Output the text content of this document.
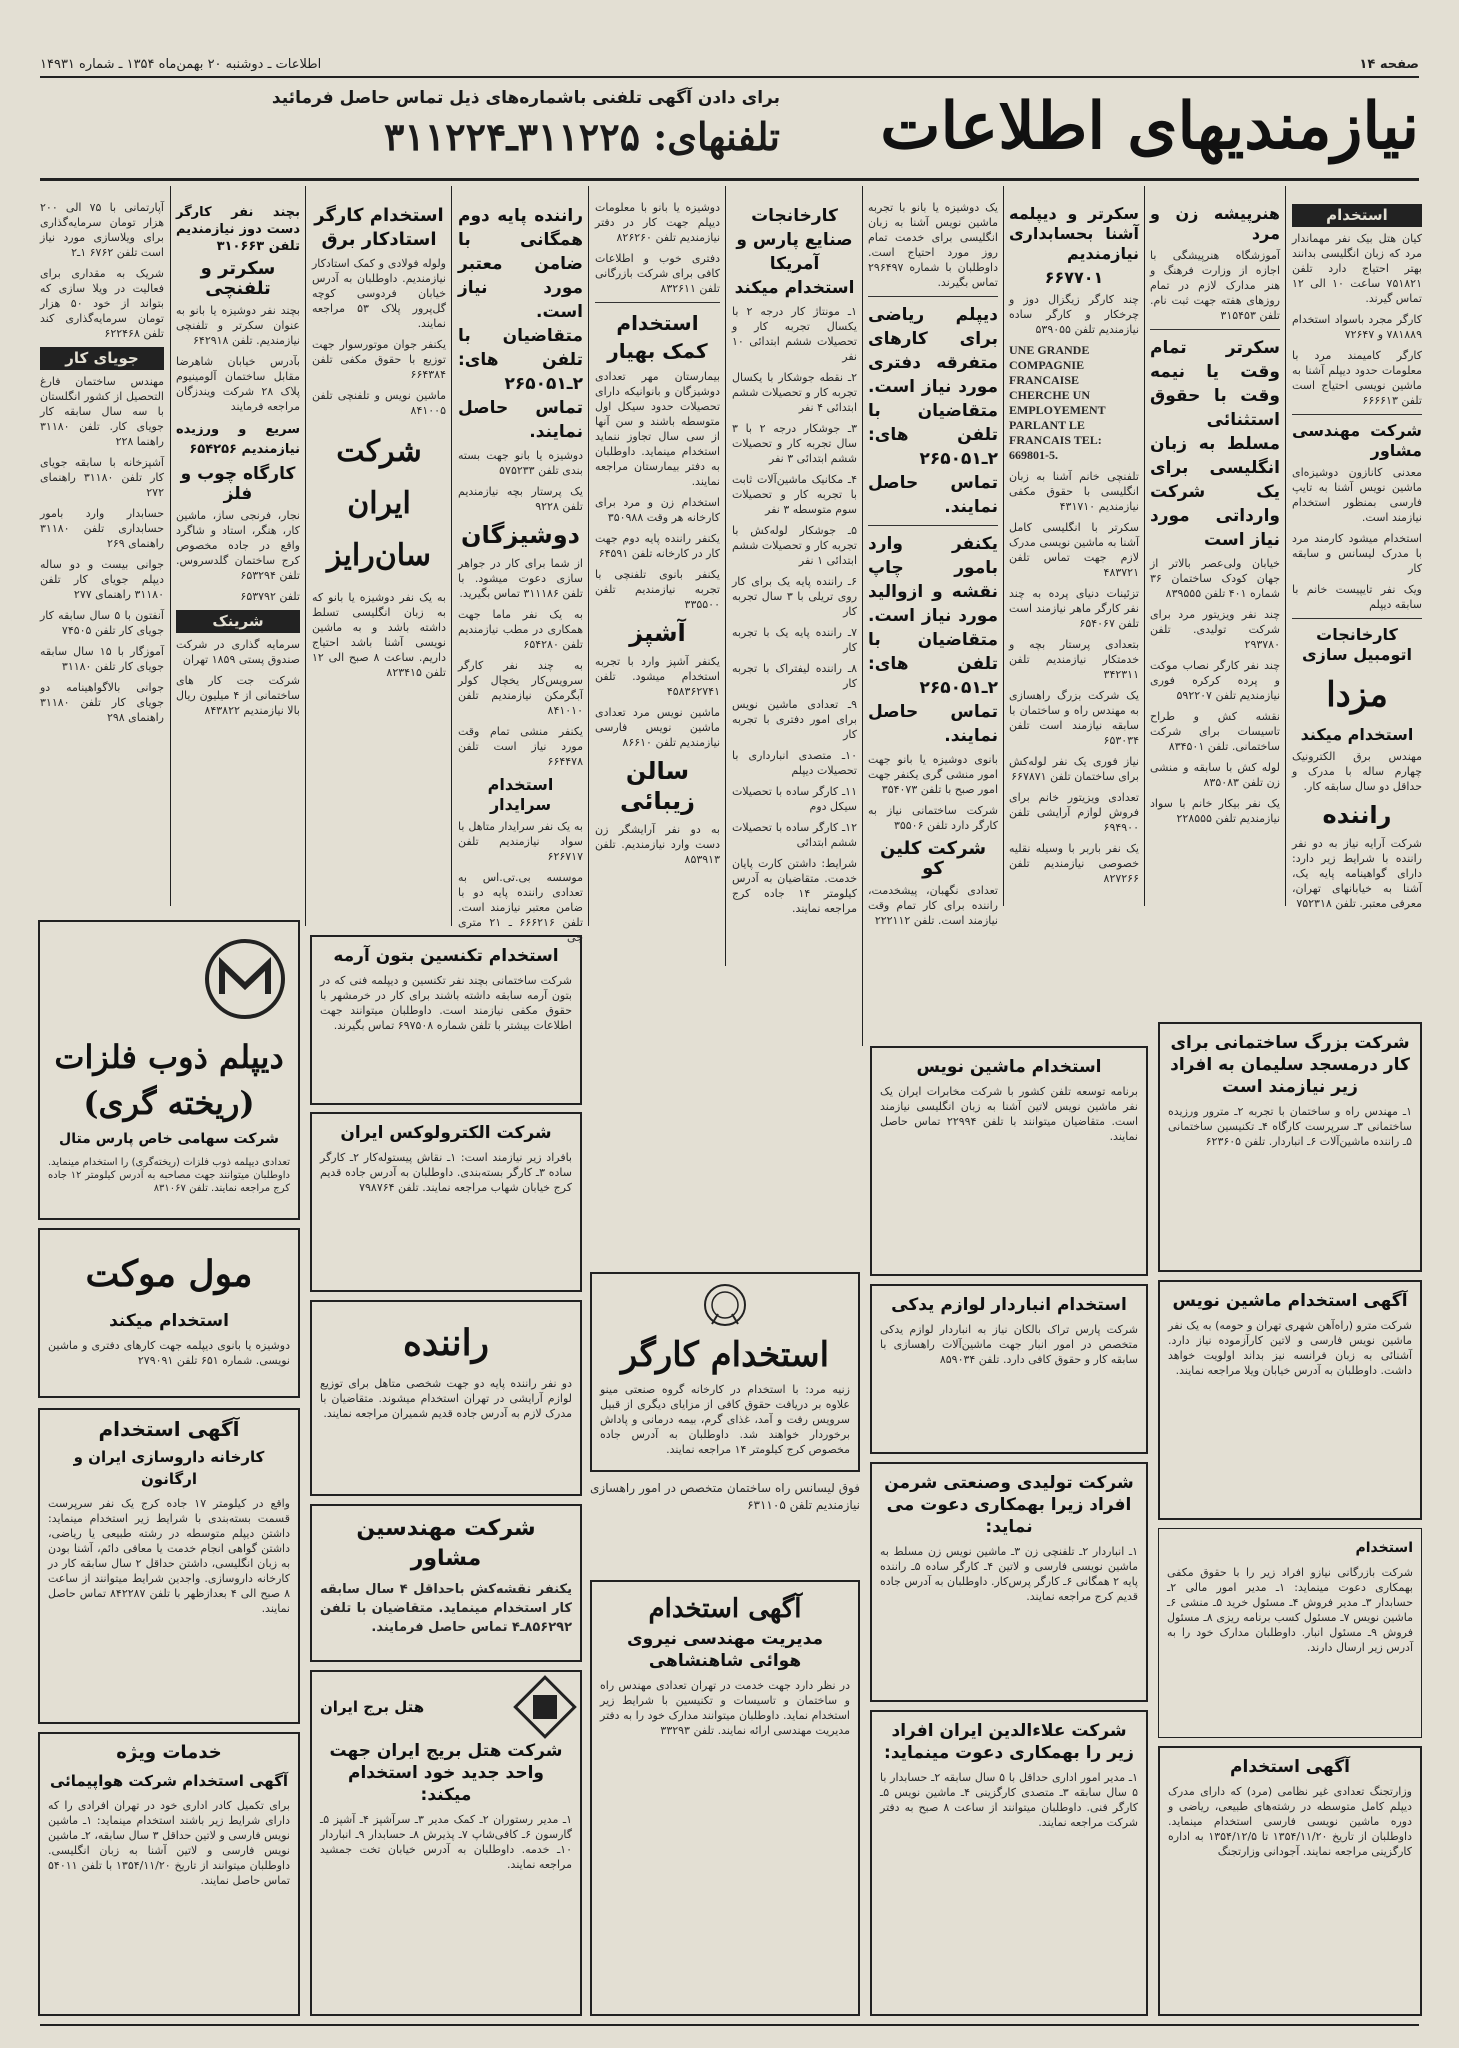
صفحه ۱۴
اطلاعات ـ دوشنبه ۲۰ بهمن‌ماه ۱۳۵۴ ـ شماره ۱۴۹۳۱
نیازمندیهای اطلاعات
برای دادن آگهی تلفنی باشماره‌های ذیل تماس حاصل فرمائید
تلفنهای: ۳۱۱۲۲۵ـ۳۱۱۲۲۴
استخدام

کیان هتل بیک نفر مهماندار مرد که زبان انگلیسی بدانند بهتر احتیاج دارد تلفن ۷۵۱۸۲۱ ساعت ۱۰ الی ۱۲ تماس گیرند.

کارگر مجرد باسواد استخدام ۷۸۱۸۸۹ و ۷۲۶۴۷

کارگر کامیمند مرد با معلومات حدود دیپلم آشنا به ماشین نویسی احتیاج است تلفن ۶۶۶۶۱۳

شرکت مهندسی مشاور

معدنی کانازون دوشیزه‌ای ماشین نویس آشنا به تایپ فارسی بمنظور استخدام نیازمند است.

استخدام میشود کارمند مرد با مدرک لیسانس و سابقه کار

ویک نفر تایپیست خانم با سابقه دیپلم

کارخانجات اتومبیل سازی
مزدا
استخدام میکند

مهندس برق الکترونیک چهارم ساله با مدرک و حداقل دو سال سابقه کار.

راننده

شرکت آرایه نیاز به دو نفر راننده با شرایط زیر دارد: دارای گواهینامه پایه یک، آشنا به خیابانهای تهران، معرفی معتبر. تلفن ۷۵۲۳۱۸

هنرپیشه زن و مرد

آموزشگاه هنرپیشگی با اجازه از وزارت فرهنگ و هنر مدارک لازم در تمام روزهای هفته جهت ثبت نام. تلفن ۳۱۵۴۵۳

سکرتر تمام وقت یا نیمه وقت با حقوق استثنائی مسلط به زبان انگلیسی برای یک شرکت وارداتی مورد نیاز است

خیابان ولی‌عصر بالاتر از جهان کودک ساختمان ۳۶ شماره ۴۰۱ تلفن ۸۳۹۵۵۵

چند نفر ویزیتور مرد برای شرکت تولیدی. تلفن ۲۹۳۷۸۰

چند نفر کارگر نصاب موکت و پرده کرکره فوری نیازمندیم تلفن ۵۹۲۲۰۷

نقشه کش و طراح تاسیسات برای شرکت ساختمانی. تلفن ۸۳۴۵۰۱

لوله کش با سابقه و منشی زن تلفن ۸۳۵۰۸۳

یک نفر بیکار خانم با سواد نیازمندیم تلفن ۲۲۸۵۵۵

سکرتر و دیپلمه آشنا بحسابداری نیازمندیم
۶۶۷۷۰۱

چند کارگر زیگزال دوز و چرخکار و کارگر ساده نیازمندیم تلفن ۵۳۹۰۵۵

UNE GRANDE COMPAGNIE FRANCAISE CHERCHE UN EMPLOYEMENT PARLANT LE FRANCAIS TEL: 669801-5.

تلفنچی خانم آشنا به زبان انگلیسی با حقوق مکفی نیازمندیم ۴۳۱۷۱۰

سکرتر با انگلیسی کامل آشنا به ماشین نویسی مدرک لازم جهت تماس تلفن ۴۸۳۷۲۱

تزئینات دنیای پرده به چند نفر کارگر ماهر نیازمند است تلفن ۶۵۴۰۶۷

بتعدادی پرستار بچه و خدمتکار نیازمندیم تلفن ۳۴۲۳۱۱

یک شرکت بزرگ راهسازی به مهندس راه و ساختمان با سابقه نیازمند است تلفن ۶۵۳۰۳۴

نیاز فوری یک نفر لوله‌کش برای ساختمان تلفن ۶۶۷۸۷۱

تعدادی ویزیتور خانم برای فروش لوازم آرایشی تلفن ۶۹۴۹۰۰

یک نفر باربر با وسیله نقلیه خصوصی نیازمندیم تلفن ۸۲۷۲۶۶

یک دوشیزه یا بانو با تجربه ماشین نویس آشنا به زبان انگلیسی برای خدمت تمام روز مورد احتیاج است. داوطلبان با شماره ۲۹۶۴۹۷ تماس بگیرند.

دیپلم ریاضی برای کارهای متفرقه دفتری مورد نیاز است. متقاضیان با تلفن های: ۲ـ۲۶۵۰۵۱ تماس حاصل نمایند.
یکنفر وارد بامور چاپ نقشه و ازوالید مورد نیاز است. متقاضیان با تلفن های: ۲ـ۲۶۵۰۵۱ تماس حاصل نمایند.

بانوی دوشیزه یا بانو جهت امور منشی گری یکنفر جهت امور صبح با تلفن ۳۵۴۰۷۳

شرکت ساختمانی نیاز به کارگر دارد تلفن ۳۵۵۰۶

شرکت کلین کو

تعدادی نگهبان، پیشخدمت، راننده برای کار تمام وقت نیازمند است. تلفن ۲۲۲۱۱۲

کارخانجات صنایع پارس و آمریکا استخدام میکند

۱ـ مونتاژ کار درجه ۲ با یکسال تجربه کار و تحصیلات ششم ابتدائی ۱۰ نفر

۲ـ نقطه جوشکار با یکسال تجربه کار و تحصیلات ششم ابتدائی ۴ نفر

۳ـ جوشکار درجه ۲ با ۳ سال تجربه کار و تحصیلات ششم ابتدائی ۳ نفر

۴ـ مکانیک ماشین‌آلات ثابت با تجربه کار و تحصیلات سوم متوسطه ۳ نفر

۵ـ جوشکار لوله‌کش با تجربه کار و تحصیلات ششم ابتدائی ۱ نفر

۶ـ راننده پایه یک برای کار روی تریلی با ۳ سال تجربه کار

۷ـ راننده پایه یک با تجربه کار

۸ـ راننده لیفتراک با تجربه کار

۹ـ تعدادی ماشین نویس برای امور دفتری با تجربه کار

۱۰ـ متصدی انبارداری با تحصیلات دیپلم

۱۱ـ کارگر ساده با تحصیلات سیکل دوم

۱۲ـ کارگر ساده با تحصیلات ششم ابتدائی

شرایط: داشتن کارت پایان خدمت. متقاضیان به آدرس کیلومتر ۱۴ جاده کرج مراجعه نمایند.

دوشیزه یا بانو با معلومات دیپلم جهت کار در دفتر نیازمندیم تلفن ۸۲۶۲۶۰

دفتری خوب و اطلاعات کافی برای شرکت بازرگانی تلفن ۸۳۲۶۱۱

استخدام کمک بهیار

بیمارستان مهر تعدادی دوشیزگان و بانوانیکه دارای تحصیلات حدود سیکل اول متوسطه باشند و سن آنها از سی سال تجاوز ننماید استخدام مینماید. داوطلبان به دفتر بیمارستان مراجعه نمایند.

استخدام زن و مرد برای کارخانه هر وقت ۳۵۰۹۸۸

یکنفر راننده پایه دوم جهت کار در کارخانه تلفن ۶۴۵۹۱

یکنفر بانوی تلفنچی با تجربه نیازمندیم تلفن ۳۳۵۵۰۰

آشپز

یکنفر آشپز وارد با تجربه استخدام میشود. تلفن ۴۵۸۳۶۲۷۴۱

ماشین نویس مرد تعدادی ماشین نویس فارسی نیازمندیم تلفن ۸۶۶۱۰

سالن زیبائی

به دو نفر آرایشگر زن دست وارد نیازمندیم. تلفن ۸۵۳۹۱۳

راننده پایه دوم همگانی با ضامن معتبر مورد نیاز است. متقاضیان با تلفن های: ۲ـ۲۶۵۰۵۱ تماس حاصل نمایند.

دوشیزه یا بانو جهت بسته بندی تلفن ۵۷۵۲۳۳

یک پرستار بچه نیازمندیم تلفن ۹۲۲۸

دوشیزگان

از شما برای کار در جواهر سازی دعوت میشود. با تلفن ۳۱۱۱۸۶ تماس بگیرید.

به یک نفر ماما جهت همکاری در مطب نیازمندیم تلفن ۶۵۴۲۸۰

به چند نفر کارگر سرویس‌کار یخچال کولر آبگرمکن نیازمندیم تلفن ۸۴۱۰۱۰

یکنفر منشی تمام وقت مورد نیاز است تلفن ۶۶۴۴۷۸

استخدام سرایدار

به یک نفر سرایدار متاهل با سواد نیازمندیم تلفن ۶۲۶۷۱۷

موسسه بی.تی.اس به تعدادی راننده پایه دو با ضامن معتبر نیازمند است. تلفن ۶۶۶۲۱۶ ـ ۲۱ متری جی

استخدام کارگر استادکار برق

ولوله فولادی و کمک استادکار نیازمندیم. داوطلبان به آدرس خیابان فردوسی کوچه گل‌پرور پلاک ۵۳ مراجعه نمایند.

یکنفر جوان موتورسوار جهت توزیع با حقوق مکفی تلفن ۶۶۴۳۸۴

ماشین نویس و تلفنچی تلفن ۸۴۱۰۰۵

شرکت ایران سان‌رایز

به یک نفر دوشیزه یا بانو که به زبان انگلیسی تسلط داشته باشد و به ماشین نویسی آشنا باشد احتیاج داریم. ساعت ۸ صبح الی ۱۲ تلفن ۸۲۳۴۱۵

بچند نفر کارگر دست دوز نیازمندیم تلفن ۳۱۰۶۶۳
سکرتر و تلفنچی

بچند نفر دوشیزه یا بانو به عنوان سکرتر و تلفنچی نیازمندیم. تلفن ۶۴۲۹۱۸

بآدرس خیابان شاهرضا مقابل ساختمان آلومینیوم پلاک ۲۸ شرکت ویندزگان مراجعه فرمایند

سریع و ورزیده نیازمندیم ۶۵۴۲۵۶
کارگاه چوب و فلز

نجار، فرنجی ساز، ماشین کار، هنگر، استاد و شاگرد واقع در جاده مخصوص کرج ساختمان گلدسروس. تلفن ۶۵۳۲۹۴

تلفن ۶۵۳۷۹۲

شرینک

سرمایه گذاری در شرکت صندوق پستی ۱۸۵۹ تهران

شرکت جت کار های ساختمانی از ۴ میلیون ریال بالا نیازمندیم ۸۴۳۸۲۲

آپارتمانی با ۷۵ الی ۲۰۰ هزار تومان سرمایه‌گذاری برای ویلاسازی مورد نیاز است تلفن ۶۷۶۲ ۱ـ۲

شریک به مقداری برای فعالیت در ویلا سازی که بتواند از خود ۵۰ هزار تومان سرمایه‌گذاری کند تلفن ۶۲۲۴۶۸

جویای کار

مهندس ساختمان فارغ التحصیل از کشور انگلستان با سه سال سابقه کار جویای کار. تلفن ۳۱۱۸۰ راهنما ۲۲۸

آشپزخانه با سابقه جویای کار تلفن ۳۱۱۸۰ راهنمای ۲۷۲

حسابدار وارد بامور حسابداری تلفن ۳۱۱۸۰ راهنمای ۲۶۹

جوانی بیست و دو ساله دیپلم جویای کار تلفن ۳۱۱۸۰ راهنمای ۲۷۷

آنفتون با ۵ سال سابقه کار جویای کار تلفن ۷۴۵۰۵

آموزگار با ۱۵ سال سابقه جویای کار تلفن ۳۱۱۸۰

جوانی بالاگواهینامه دو جویای کار تلفن ۳۱۱۸۰ راهنمای ۲۹۸

شرکت بزرگ ساختمانی برای کار درمسجد سلیمان به افراد زیر نیازمند است

۱ـ مهندس راه و ساختمان با تجربه ۲ـ مترور ورزیده ساختمانی ۳ـ سرپرست کارگاه ۴ـ تکنیسین ساختمانی ۵ـ راننده ماشین‌آلات ۶ـ انباردار. تلفن ۶۲۳۶۰۵

آگهی استخدام ماشین نویس

شرکت مترو (راه‌آهن شهری تهران و حومه) به یک نفر ماشین نویس فارسی و لاتین کارآزموده نیاز دارد. آشنائی به زبان فرانسه نیز بداند اولویت خواهد داشت. داوطلبان به آدرس خیابان ویلا مراجعه نمایند.

استخدام

شرکت بازرگانی نیازو افراد زیر را با حقوق مکفی بهمکاری دعوت مینماید: ۱ـ مدیر امور مالی ۲ـ حسابدار ۳ـ مدیر فروش ۴ـ مسئول خرید ۵ـ منشی ۶ـ ماشین نویس ۷ـ مسئول کسب برنامه ریزی ۸ـ مسئول فروش ۹ـ مسئول انبار. داوطلبان مدارک خود را به آدرس زیر ارسال دارند.

آگهی استخدام

وزارتجنگ تعدادی غیر نظامی (مرد) که دارای مدرک دیپلم کامل متوسطه در رشته‌های طبیعی، ریاضی و دوره ماشین نویسی فارسی استخدام مینماید. داوطلبان از تاریخ ۱۳۵۴/۱۱/۲۰ تا ۱۳۵۴/۱۲/۵ به اداره کارگزینی مراجعه نمایند. آجودانی وزارتجنگ

استخدام ماشین نویس

برنامه توسعه تلفن کشور با شرکت مخابرات ایران یک نفر ماشین نویس لاتین آشنا به زبان انگلیسی نیازمند است. متقاضیان میتوانند با تلفن ۲۲۹۹۴ تماس حاصل نمایند.

استخدام انباردار لوازم یدکی

شرکت پارس تراک بالکان نیاز به انباردار لوازم یدکی متخصص در امور انبار جهت ماشین‌آلات راهسازی با سابقه کار و حقوق کافی دارد. تلفن ۸۵۹۰۳۴

شرکت تولیدی وصنعتی شرمن افراد زیرا بهمکاری دعوت می نماید:

۱ـ انباردار ۲ـ تلفنچی زن ۳ـ ماشین نویس زن مسلط به ماشین نویسی فارسی و لاتین ۴ـ کارگر ساده ۵ـ راننده پایه ۲ همگانی ۶ـ کارگر پرس‌کار. داوطلبان به آدرس جاده قدیم کرج مراجعه نمایند.

شرکت علاءالدین ایران افراد زیر را بهمکاری دعوت مینماید:

۱ـ مدیر امور اداری حداقل با ۵ سال سابقه ۲ـ حسابدار با ۵ سال سابقه ۳ـ متصدی کارگزینی ۴ـ ماشین نویس ۵ـ کارگر فنی. داوطلبان میتوانند از ساعت ۸ صبح به دفتر شرکت مراجعه نمایند.

استخدام کارگر

زنیه مرد: با استخدام در کارخانه گروه صنعتی مینو علاوه بر دریافت حقوق کافی از مزایای دیگری از قبیل سرویس رفت و آمد، غذای گرم، بیمه درمانی و پاداش برخوردار خواهند شد. داوطلبان به آدرس جاده مخصوص کرج کیلومتر ۱۴ مراجعه نمایند.

فوق لیسانس راه ساختمان متخصص در امور راهسازی نیازمندیم تلفن ۶۳۱۱۰۵

آگهی استخدام
مدیریت مهندسی نیروی هوائی شاهنشاهی

در نظر دارد جهت خدمت در تهران تعدادی مهندس راه و ساختمان و تاسیسات و تکنیسین با شرایط زیر استخدام نماید. داوطلبان میتوانند مدارک خود را به دفتر مدیریت مهندسی ارائه نمایند. تلفن ۳۳۲۹۳

استخدام تکنسین بتون آرمه

شرکت ساختمانی بچند نفر تکنسین و دیپلمه فنی که در بتون آرمه سابقه داشته باشند برای کار در خرمشهر با حقوق مکفی نیازمند است. داوطلبان میتوانند جهت اطلاعات بیشتر با تلفن شماره ۶۹۷۵۰۸ تماس بگیرند.

شرکت الکترولوکس ایران

بافراد زیر نیازمند است: ۱ـ نقاش پیستوله‌کار ۲ـ کارگر ساده ۳ـ کارگر بسته‌بندی. داوطلبان به آدرس جاده قدیم کرج خیابان شهاب مراجعه نمایند. تلفن ۷۹۸۷۶۴

راننده

دو نفر راننده پایه دو جهت شخصی متاهل برای توزیع لوازم آرایشی در تهران استخدام میشوند. متقاضیان با مدرک لازم به آدرس جاده قدیم شمیران مراجعه نمایند.

شرکت مهندسین مشاور

یکنفر نقشه‌کش باحداقل ۴ سال سابقه کار استخدام مینماید. متقاضیان با تلفن ۸۵۶۲۹۲ـ۴ تماس حاصل فرمایند.

هتل برج ایران
شرکت هتل بریج ایران جهت واحد جدید خود استخدام میکند:

۱ـ مدیر رستوران ۲ـ کمک مدیر ۳ـ سرآشپز ۴ـ آشپز ۵ـ گارسون ۶ـ کافی‌شاپ ۷ـ پذیرش ۸ـ حسابدار ۹ـ انباردار ۱۰ـ خدمه. داوطلبان به آدرس خیابان تخت جمشید مراجعه نمایند.

دیپلم ذوب فلزات (ریخته گری)
شرکت سهامی خاص پارس متال

تعدادی دیپلمه ذوب فلزات (ریخته‌گری) را استخدام مینماید. داوطلبان میتوانند جهت مصاحبه به آدرس کیلومتر ۱۲ جاده کرج مراجعه نمایند. تلفن ۸۳۱۰۶۷

مول موکت
استخدام میکند

دوشیزه یا بانوی دیپلمه جهت کارهای دفتری و ماشین نویسی. شماره ۶۵۱ تلفن ۲۷۹۰۹۱

آگهی استخدام
کارخانه داروسازی ایران و ارگانون

واقع در کیلومتر ۱۷ جاده کرج یک نفر سرپرست قسمت بسته‌بندی با شرایط زیر استخدام مینماید: داشتن دیپلم متوسطه در رشته طبیعی یا ریاضی، داشتن گواهی انجام خدمت یا معافی دائم، آشنا بودن به زبان انگلیسی، داشتن حداقل ۲ سال سابقه کار در کارخانه داروسازی. واجدین شرایط میتوانند از ساعت ۸ صبح الی ۴ بعدازظهر با تلفن ۸۴۲۲۸۷ تماس حاصل نمایند.

خدمات ویژه
آگهی استخدام شرکت هواپیمائی

برای تکمیل کادر اداری خود در تهران افرادی را که دارای شرایط زیر باشند استخدام مینماید: ۱ـ ماشین نویس فارسی و لاتین حداقل ۳ سال سابقه، ۲ـ ماشین نویس فارسی و لاتین آشنا به زبان انگلیسی. داوطلبان میتوانند از تاریخ ۱۳۵۴/۱۱/۲۰ با تلفن ۵۴۰۱۱ تماس حاصل نمایند.
